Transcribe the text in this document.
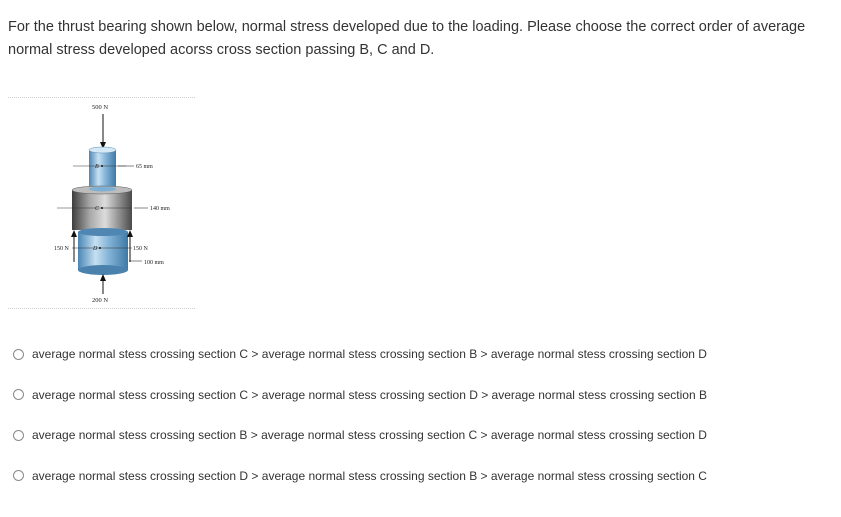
For the thrust bearing shown below, normal stress developed due to the loading. Please choose the correct order of average normal stress developed acorss cross section passing B, C and D.

500 N
B	65 mm
C	140 mm
D
100 mm
150 N	150 N
200 N
average normal stess crossing section C > average normal stess crossing section B > average normal stess crossing section D
average normal stess crossing section C > average normal stess crossing section D > average normal stess crossing section B
average normal stess crossing section B > average normal stess crossing section C > average normal stess crossing section D
average normal stess crossing section D > average normal stess crossing section B > average normal stess crossing section C
